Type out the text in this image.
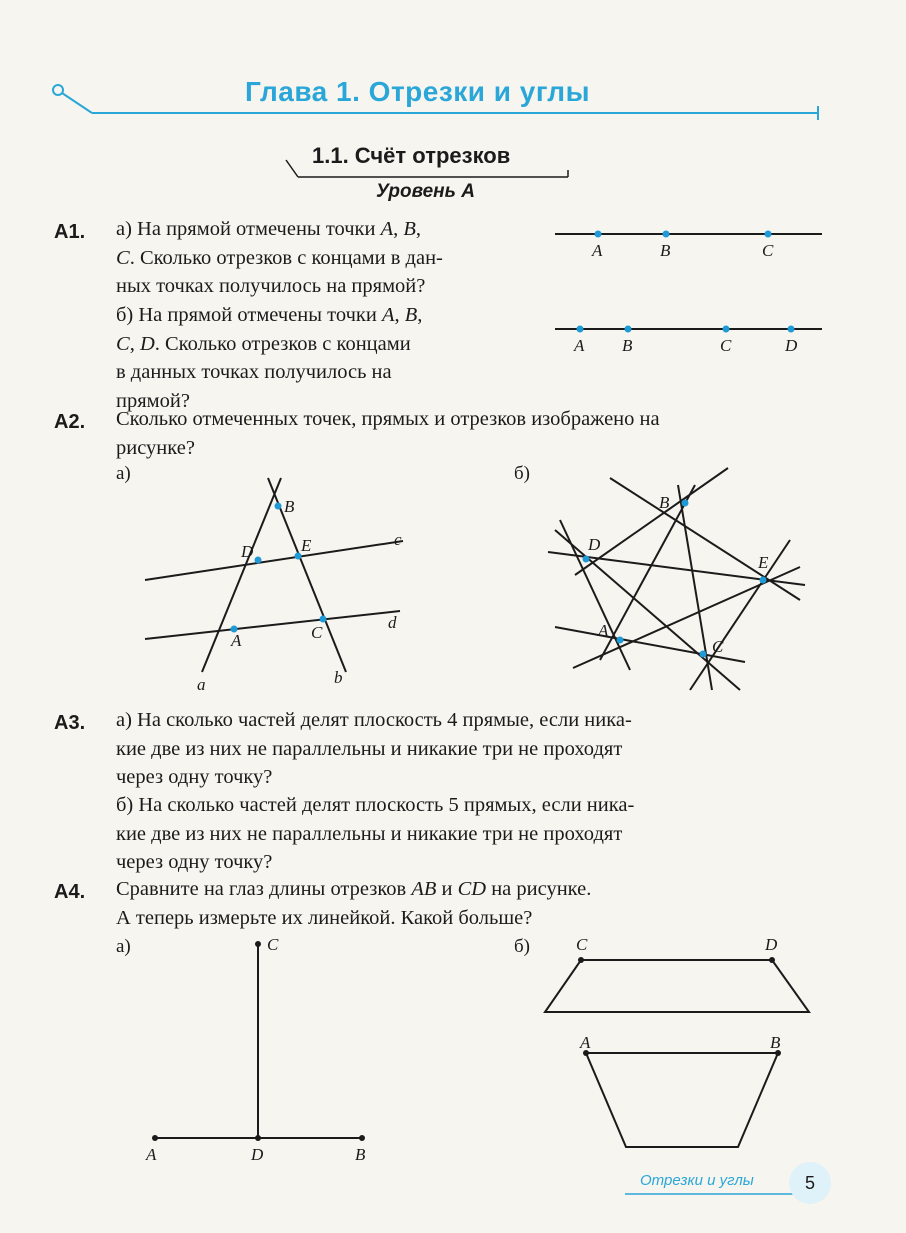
Глава 1. Отрезки и углы
1.1. Счёт отрезков
Уровень А
А1. а) На прямой отмечены точки A, B,
C. Сколько отрезков с концами в дан-
ных точках получилось на прямой?
б) На прямой отмечены точки A, B,
C, D. Сколько отрезков с концами
в данных точках получилось на
прямой?
A	B	C
A B	C	D
А2. Сколько отмеченных точек, прямых и отрезков изображено на
рисунке?
а)	б)
B
D	E	c
A	C
d
a	b
B
D
E
A
C
А3. а) На сколько частей делят плоскость 4 прямые, если ника-
кие две из них не параллельны и никакие три не проходят
через одну точку?
б) На сколько частей делят плоскость 5 прямых, если ника-
кие две из них не параллельны и никакие три не проходят
через одну точку?
А4. Сравните на глаз длины отрезков AB и CD на рисунке.
А теперь измерьте их линейкой. Какой больше?
а)	б)
C
A	D	B
C	D
A	B
Отрезки и углы	5
